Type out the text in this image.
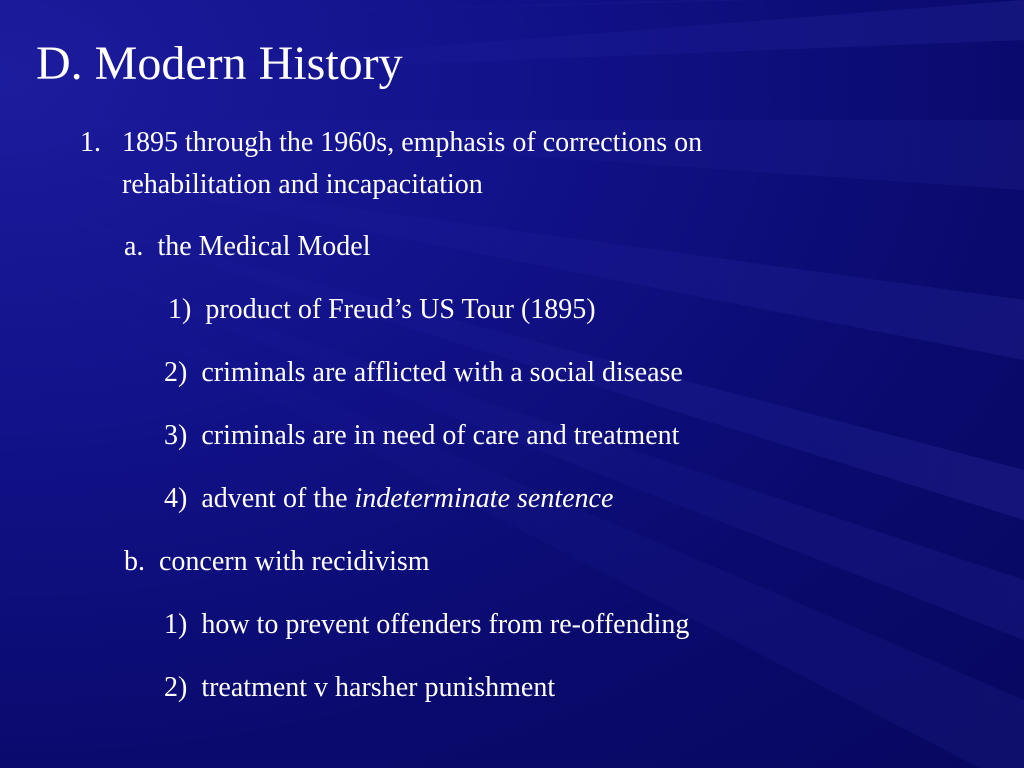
D. Modern History
1. 1895 through the 1960s, emphasis of corrections on
rehabilitation and incapacitation
a. the Medical Model
1) product of Freud’s US Tour (1895)
2) criminals are afflicted with a social disease
3) criminals are in need of care and treatment
4) advent of the indeterminate sentence
b. concern with recidivism
1) how to prevent offenders from re-offending
2) treatment v harsher punishment
